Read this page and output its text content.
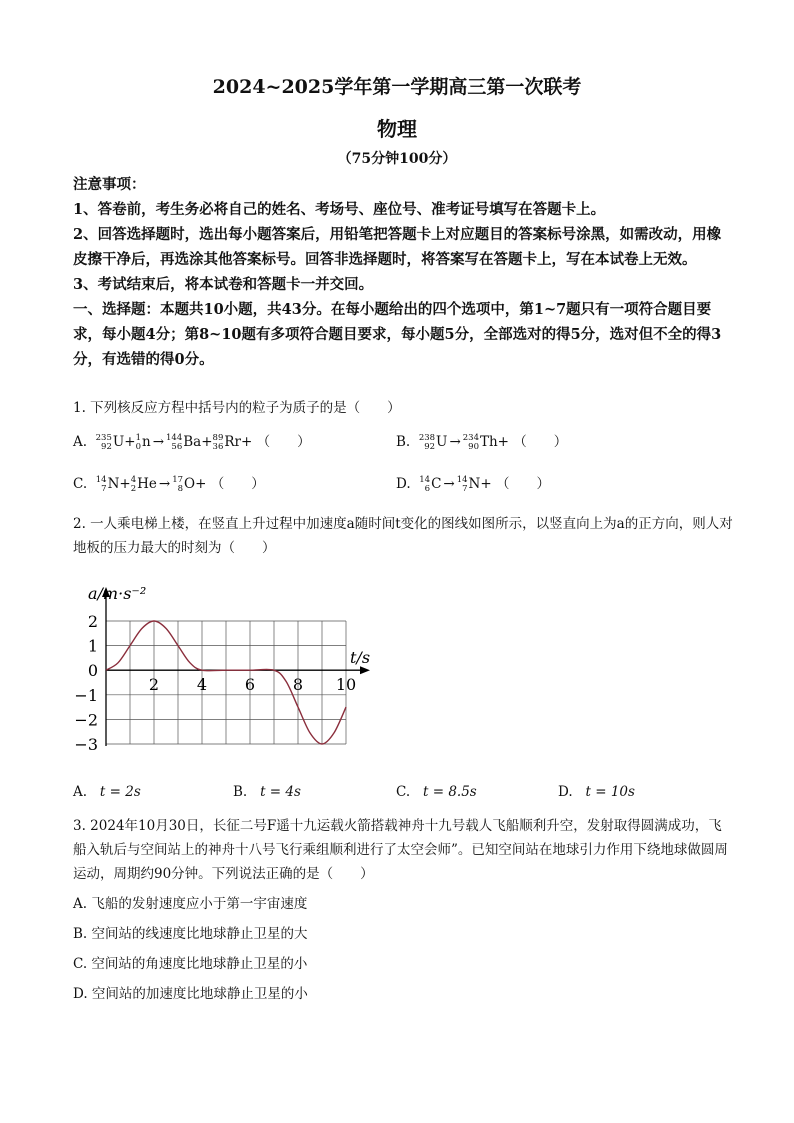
2024~2025学年第一学期高三第一次联考
物理
（75分钟100分）

注意事项：

1、答卷前，考生务必将自己的姓名、考场号、座位号、准考证号填写在答题卡上。

2、回答选择题时，选出每小题答案后，用铅笔把答题卡上对应题目的答案标号涂黑，如需改动，用橡皮擦干净后，再选涂其他答案标号。回答非选择题时，将答案写在答题卡上，写在本试卷上无效。

3、考试结束后，将本试卷和答题卡一并交回。

一、选择题：本题共10小题，共43分。在每小题给出的四个选项中，第1~7题只有一项符合题目要求，每小题4分；第8~10题有多项符合题目要求，每小题5分，全部选对的得5分，选对但不全的得3分，有选错的得0分。

1. 下列核反应方程中括号内的粒子为质子的是（　　）

A. 235
92 U+ 1
0 n → 144
56 Ba+ 89
36 Rr+ （　　）	B. 238
92 U → 234
90 Th+ （　　）
C. 14
7 N+ 4
2 He → 17
8 O+ （　　）	D. 14
6 C → 14
7 N+ （　　）

2. 一人乘电梯上楼，在竖直上升过程中加速度a随时间t变化的图线如图所示，以竖直向上为a的正方向，则人对地板的压力最大的时刻为（　　）

2
1
0
−1
−2
−3
2 4 6 8 10
a/m·s⁻²
t/s
A. t = 2s	B. t = 4s	C. t = 8.5s	D. t = 10s

3. 2024年10月30日，长征二号F遥十九运载火箭搭载神舟十九号载人飞船顺利升空，发射取得圆满成功，飞船入轨后与空间站上的神舟十八号飞行乘组顺利进行了太空会师”。已知空间站在地球引力作用下绕地球做圆周运动，周期约90分钟。下列说法正确的是（　　）

A. 飞船的发射速度应小于第一宇宙速度

B. 空间站的线速度比地球静止卫星的大

C. 空间站的角速度比地球静止卫星的小

D. 空间站的加速度比地球静止卫星的小
